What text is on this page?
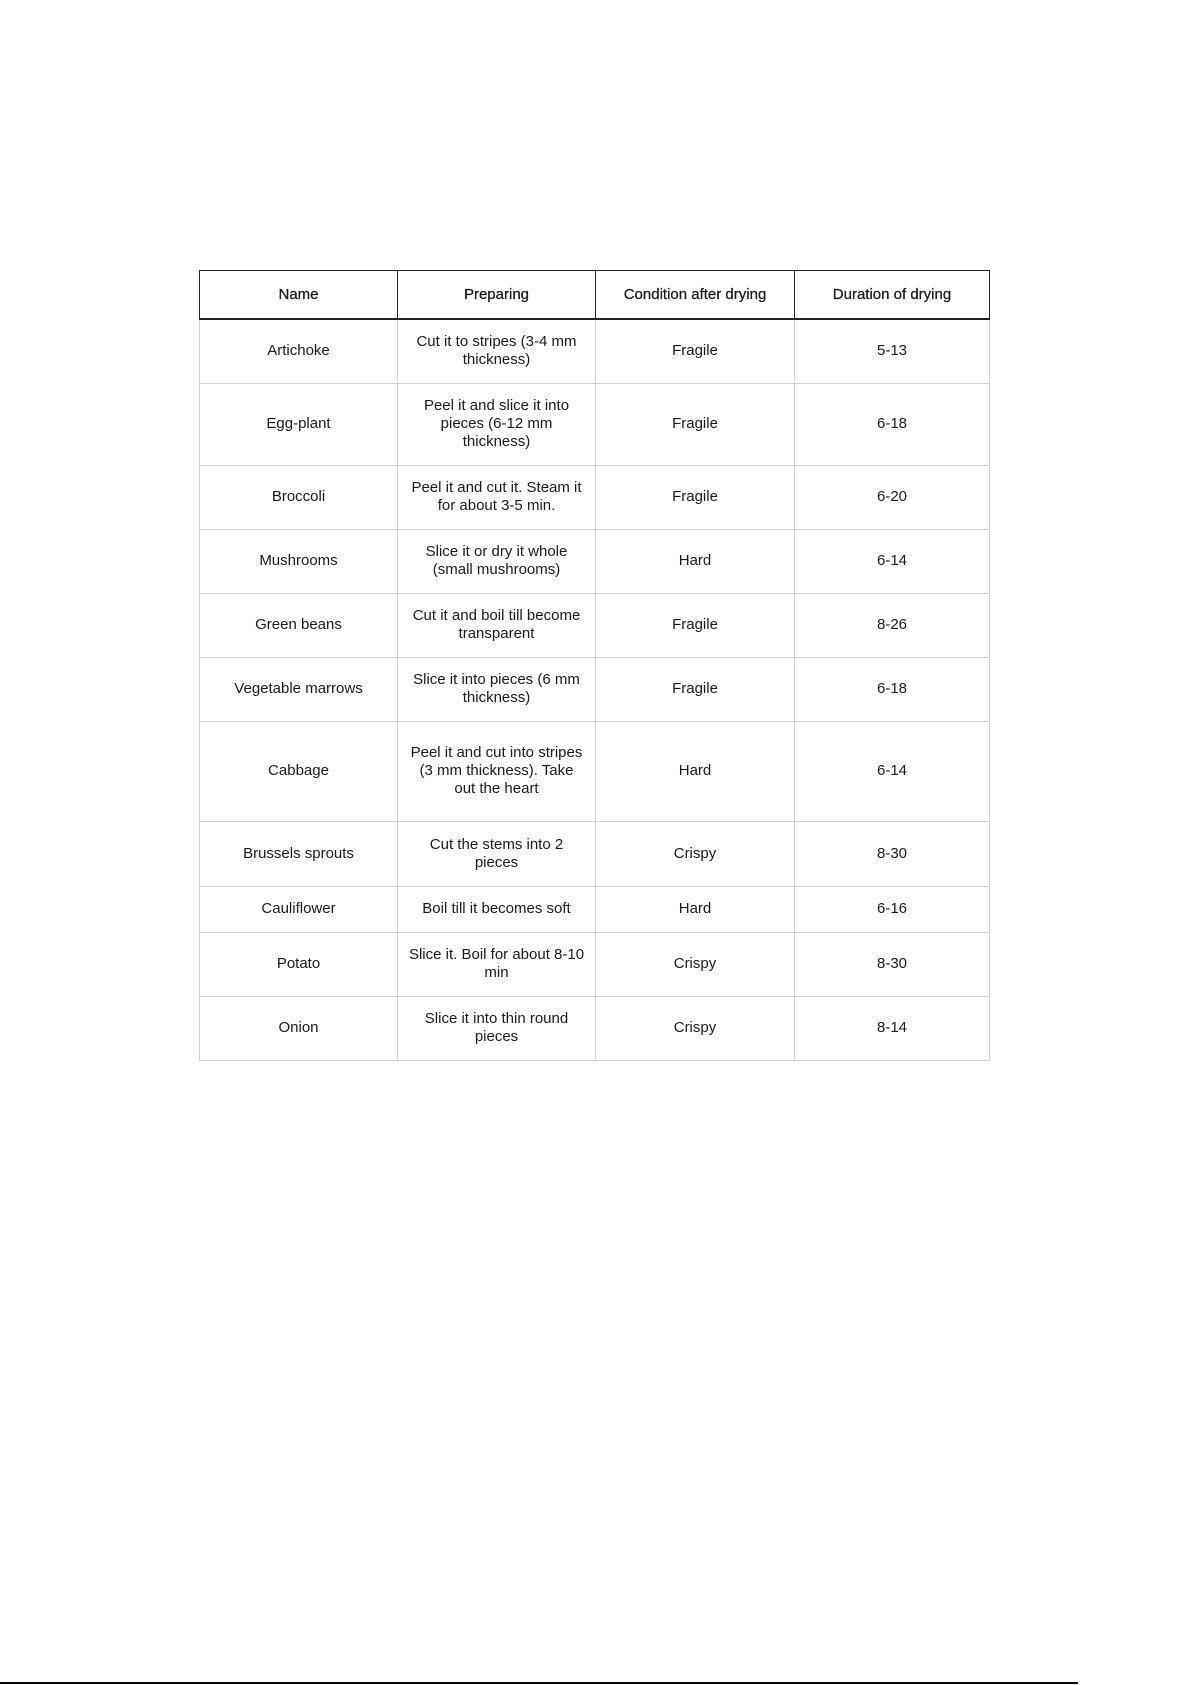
Name	Preparing	Condition after drying	Duration of drying
Artichoke	Cut it to stripes (3-4 mm thickness)	Fragile	5-13
Egg-plant	Peel it and slice it into pieces (6-12 mm thickness)	Fragile	6-18
Broccoli	Peel it and cut it. Steam it for about 3-5 min.	Fragile	6-20
Mushrooms	Slice it or dry it whole (small mushrooms)	Hard	6-14
Green beans	Cut it and boil till become transparent	Fragile	8-26
Vegetable marrows	Slice it into pieces (6 mm thickness)	Fragile	6-18
Cabbage	Peel it and cut into stripes (3 mm thickness). Take out the heart	Hard	6-14
Brussels sprouts	Cut the stems into 2 pieces	Crispy	8-30
Cauliflower	Boil till it becomes soft	Hard	6-16
Potato	Slice it. Boil for about 8-10 min	Crispy	8-30
Onion	Slice it into thin round pieces	Crispy	8-14
